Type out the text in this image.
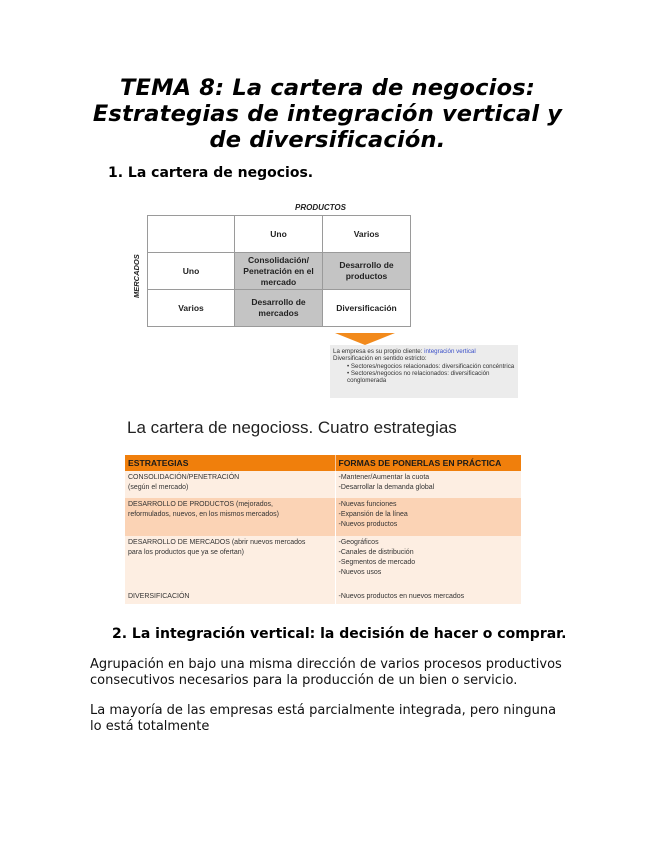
TEMA 8: La cartera de negocios:
Estrategias de integración vertical y
de diversificación.
1. La cartera de negocios.
PRODUCTOS
MERCADOS
	Uno	Varios
Uno	Consolidación/ Penetración en el mercado	Desarrollo de productos
Varios	Desarrollo de mercados	Diversificación
La empresa es su propio cliente: integración vertical
Diversificación en sentido estricto:
• Sectores/negocios relacionados: diversificación concéntrica
• Sectores/negocios no relacionados: diversificación conglomerada
La cartera de negocioss. Cuatro estrategias
ESTRATEGIAS	FORMAS DE PONERLAS EN PRÁCTICA

CONSOLIDACIÓN/PENETRACIÓN
(según el mercado)	-Mantener/Aumentar la cuota
-Desarrollar la demanda global

DESARROLLO DE PRODUCTOS (mejorados,
reformulados, nuevos, en los mismos mercados)	-Nuevas funciones
-Expansión de la línea
-Nuevos productos

DESARROLLO DE MERCADOS (abrir nuevos mercados
para los productos que ya se ofertan)	-Geográficos
-Canales de distribución
-Segmentos de mercado
-Nuevos usos

DIVERSIFICACIÓN	-Nuevos productos en nuevos mercados
2. La integración vertical: la decisión de hacer o comprar.
Agrupación en bajo una misma dirección de varios procesos productivos consecutivos necesarios para la producción de un bien o servicio.
La mayoría de las empresas está parcialmente integrada, pero ninguna lo está totalmente
